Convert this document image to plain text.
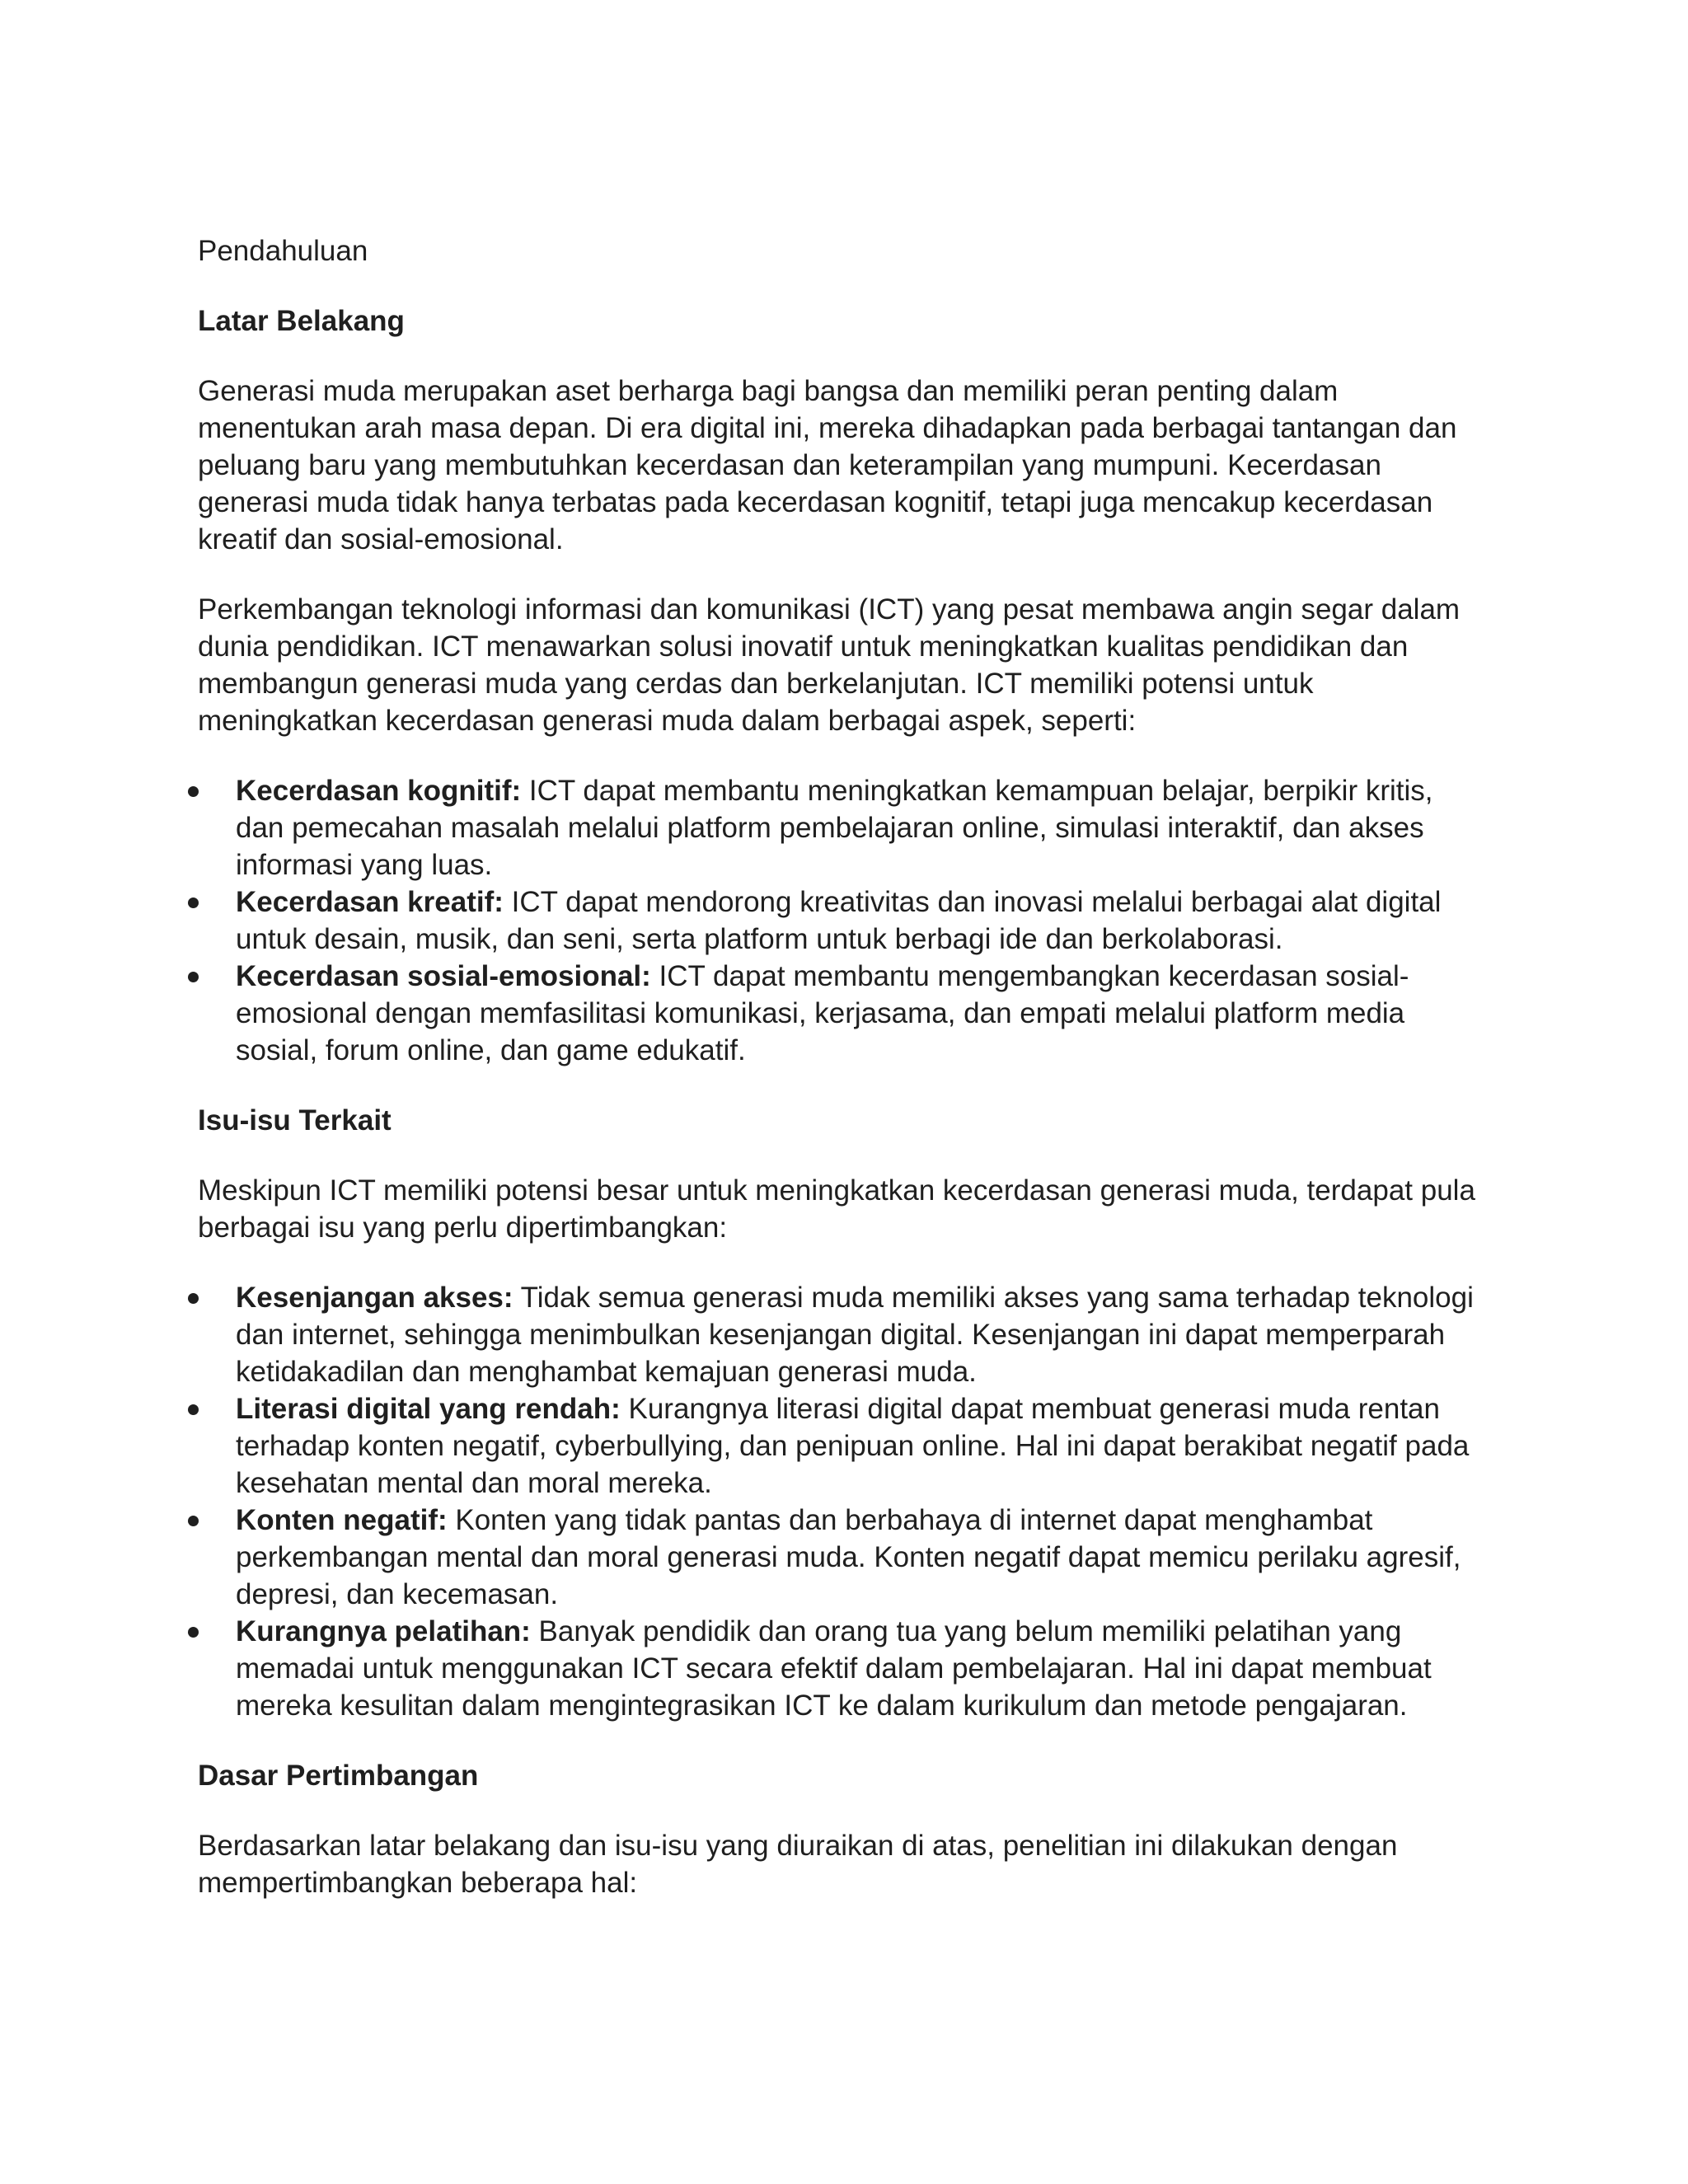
Pendahuluan
Latar Belakang

Generasi muda merupakan aset berharga bagi bangsa dan memiliki peran penting dalam menentukan arah masa depan. Di era digital ini, mereka dihadapkan pada berbagai tantangan dan peluang baru yang membutuhkan kecerdasan dan keterampilan yang mumpuni. Kecerdasan generasi muda tidak hanya terbatas pada kecerdasan kognitif, tetapi juga mencakup kecerdasan kreatif dan sosial-emosional.

Perkembangan teknologi informasi dan komunikasi (ICT) yang pesat membawa angin segar dalam dunia pendidikan. ICT menawarkan solusi inovatif untuk meningkatkan kualitas pendidikan dan membangun generasi muda yang cerdas dan berkelanjutan. ICT memiliki potensi untuk meningkatkan kecerdasan generasi muda dalam berbagai aspek, seperti:

Kecerdasan kognitif: ICT dapat membantu meningkatkan kemampuan belajar, berpikir kritis, dan pemecahan masalah melalui platform pembelajaran online, simulasi interaktif, dan akses informasi yang luas.
Kecerdasan kreatif: ICT dapat mendorong kreativitas dan inovasi melalui berbagai alat digital untuk desain, musik, dan seni, serta platform untuk berbagi ide dan berkolaborasi.
Kecerdasan sosial-emosional: ICT dapat membantu mengembangkan kecerdasan sosial-emosional dengan memfasilitasi komunikasi, kerjasama, dan empati melalui platform media sosial, forum online, dan game edukatif.
Isu-isu Terkait

Meskipun ICT memiliki potensi besar untuk meningkatkan kecerdasan generasi muda, terdapat pula berbagai isu yang perlu dipertimbangkan:

Kesenjangan akses: Tidak semua generasi muda memiliki akses yang sama terhadap teknologi dan internet, sehingga menimbulkan kesenjangan digital. Kesenjangan ini dapat memperparah ketidakadilan dan menghambat kemajuan generasi muda.
Literasi digital yang rendah: Kurangnya literasi digital dapat membuat generasi muda rentan terhadap konten negatif, cyberbullying, dan penipuan online. Hal ini dapat berakibat negatif pada kesehatan mental dan moral mereka.
Konten negatif: Konten yang tidak pantas dan berbahaya di internet dapat menghambat perkembangan mental dan moral generasi muda. Konten negatif dapat memicu perilaku agresif, depresi, dan kecemasan.
Kurangnya pelatihan: Banyak pendidik dan orang tua yang belum memiliki pelatihan yang memadai untuk menggunakan ICT secara efektif dalam pembelajaran. Hal ini dapat membuat mereka kesulitan dalam mengintegrasikan ICT ke dalam kurikulum dan metode pengajaran.
Dasar Pertimbangan

Berdasarkan latar belakang dan isu-isu yang diuraikan di atas, penelitian ini dilakukan dengan mempertimbangkan beberapa hal:
